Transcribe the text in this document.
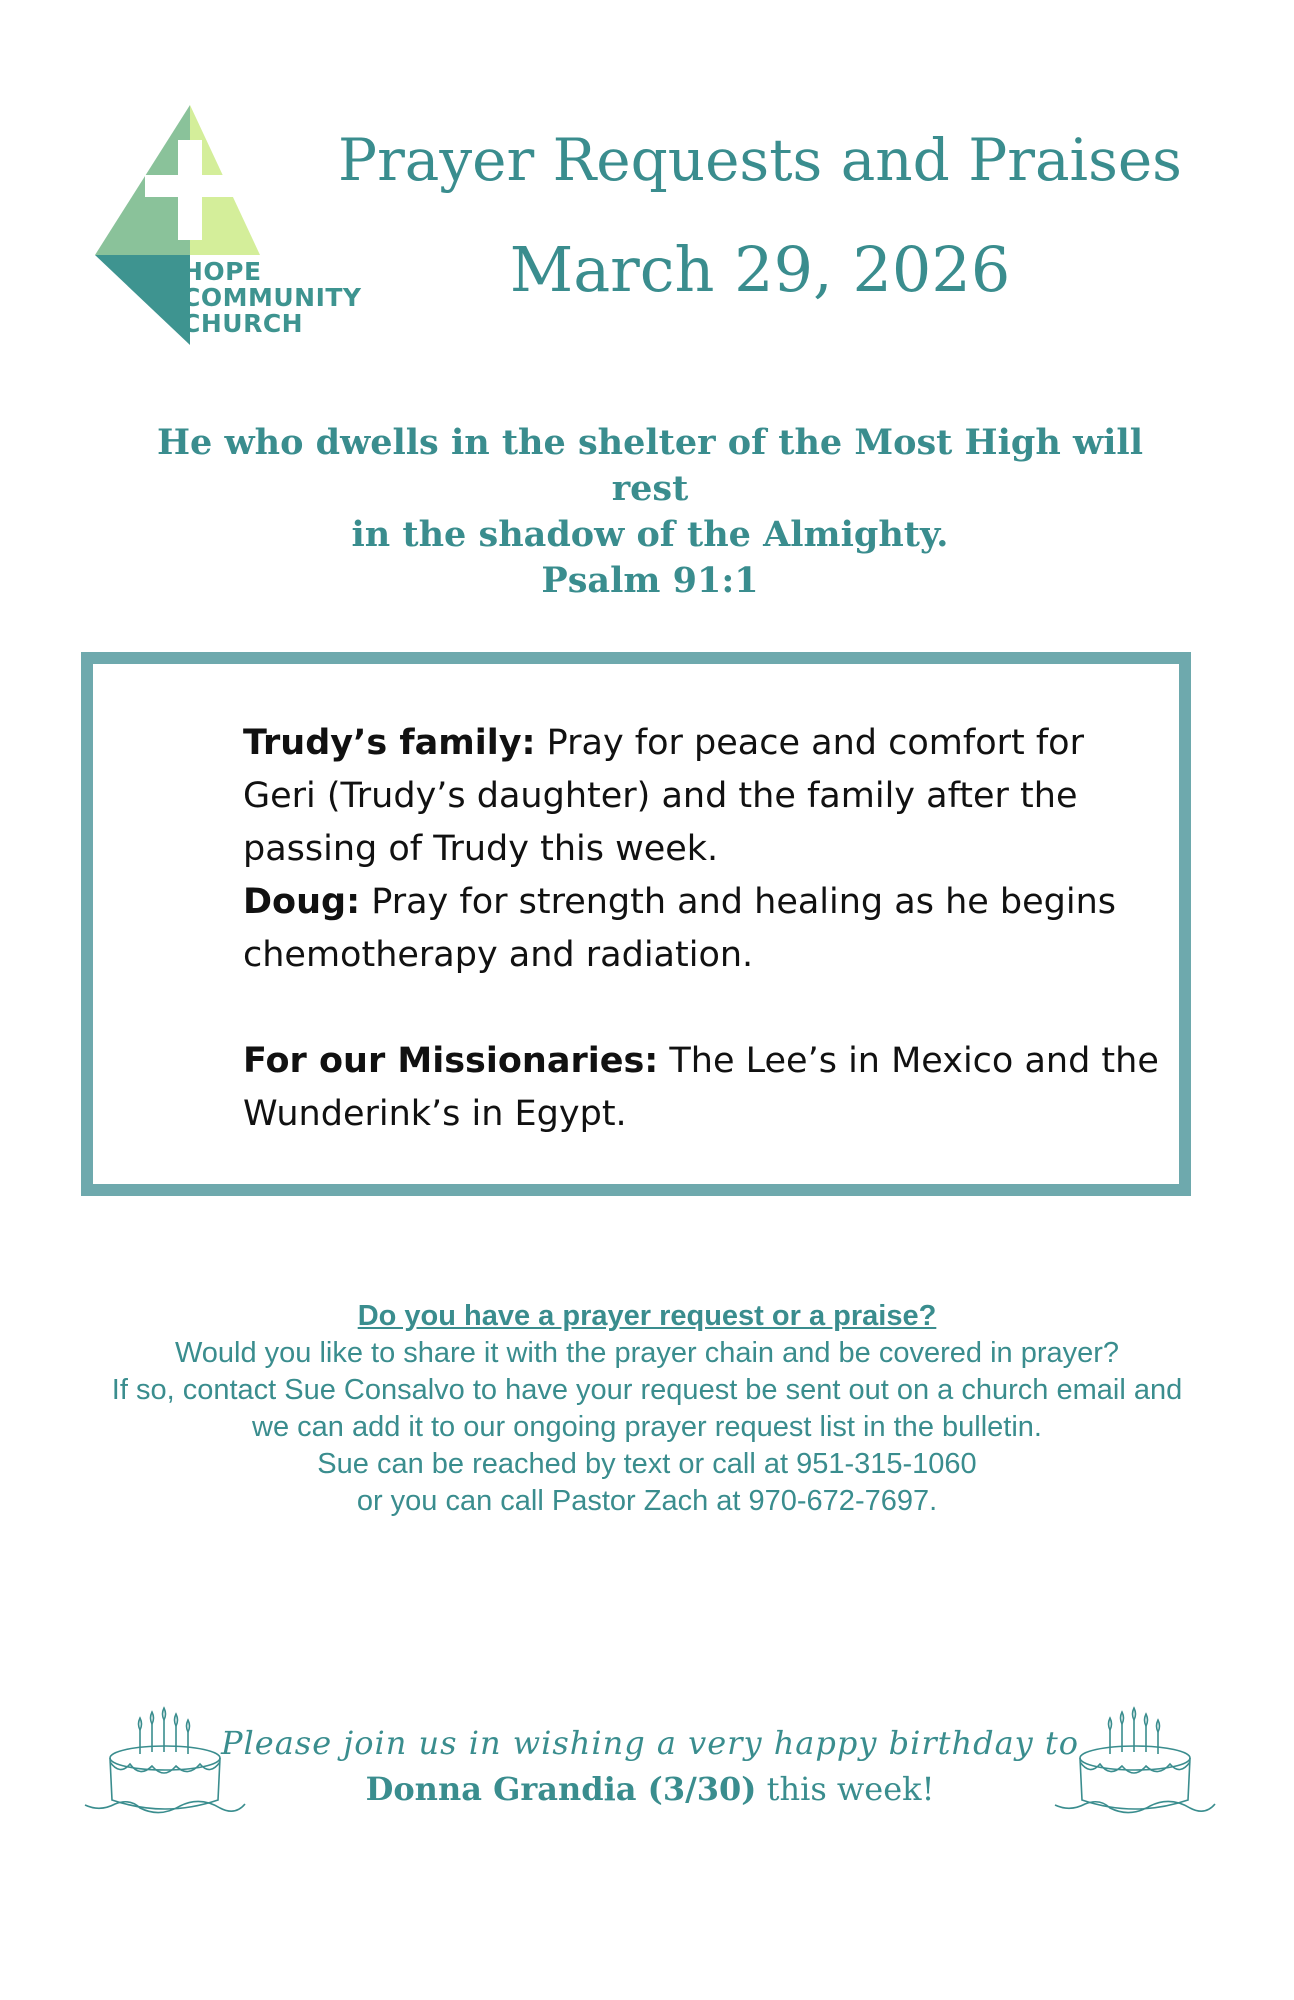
HOPE
COMMUNITY
CHURCH
Prayer Requests and Praises
March 29, 2026
He who dwells in the shelter of the Most High will rest
in the shadow of the Almighty.
Psalm 91:1
Trudy’s family: Pray for peace and comfort for Geri (Trudy’s daughter) and the family after the passing of Trudy this week.
Doug: Pray for strength and healing as he begins chemotherapy and radiation.
For our Missionaries: The Lee’s in Mexico and the Wunderink’s in Egypt.
Do you have a prayer request or a praise?
Would you like to share it with the prayer chain and be covered in prayer?
If so, contact Sue Consalvo to have your request be sent out on a church email and
we can add it to our ongoing prayer request list in the bulletin.
Sue can be reached by text or call at 951-315-1060
or you can call Pastor Zach at 970-672-7697.
Please join us in wishing a very happy birthday to
Donna Grandia (3/30) this week!
